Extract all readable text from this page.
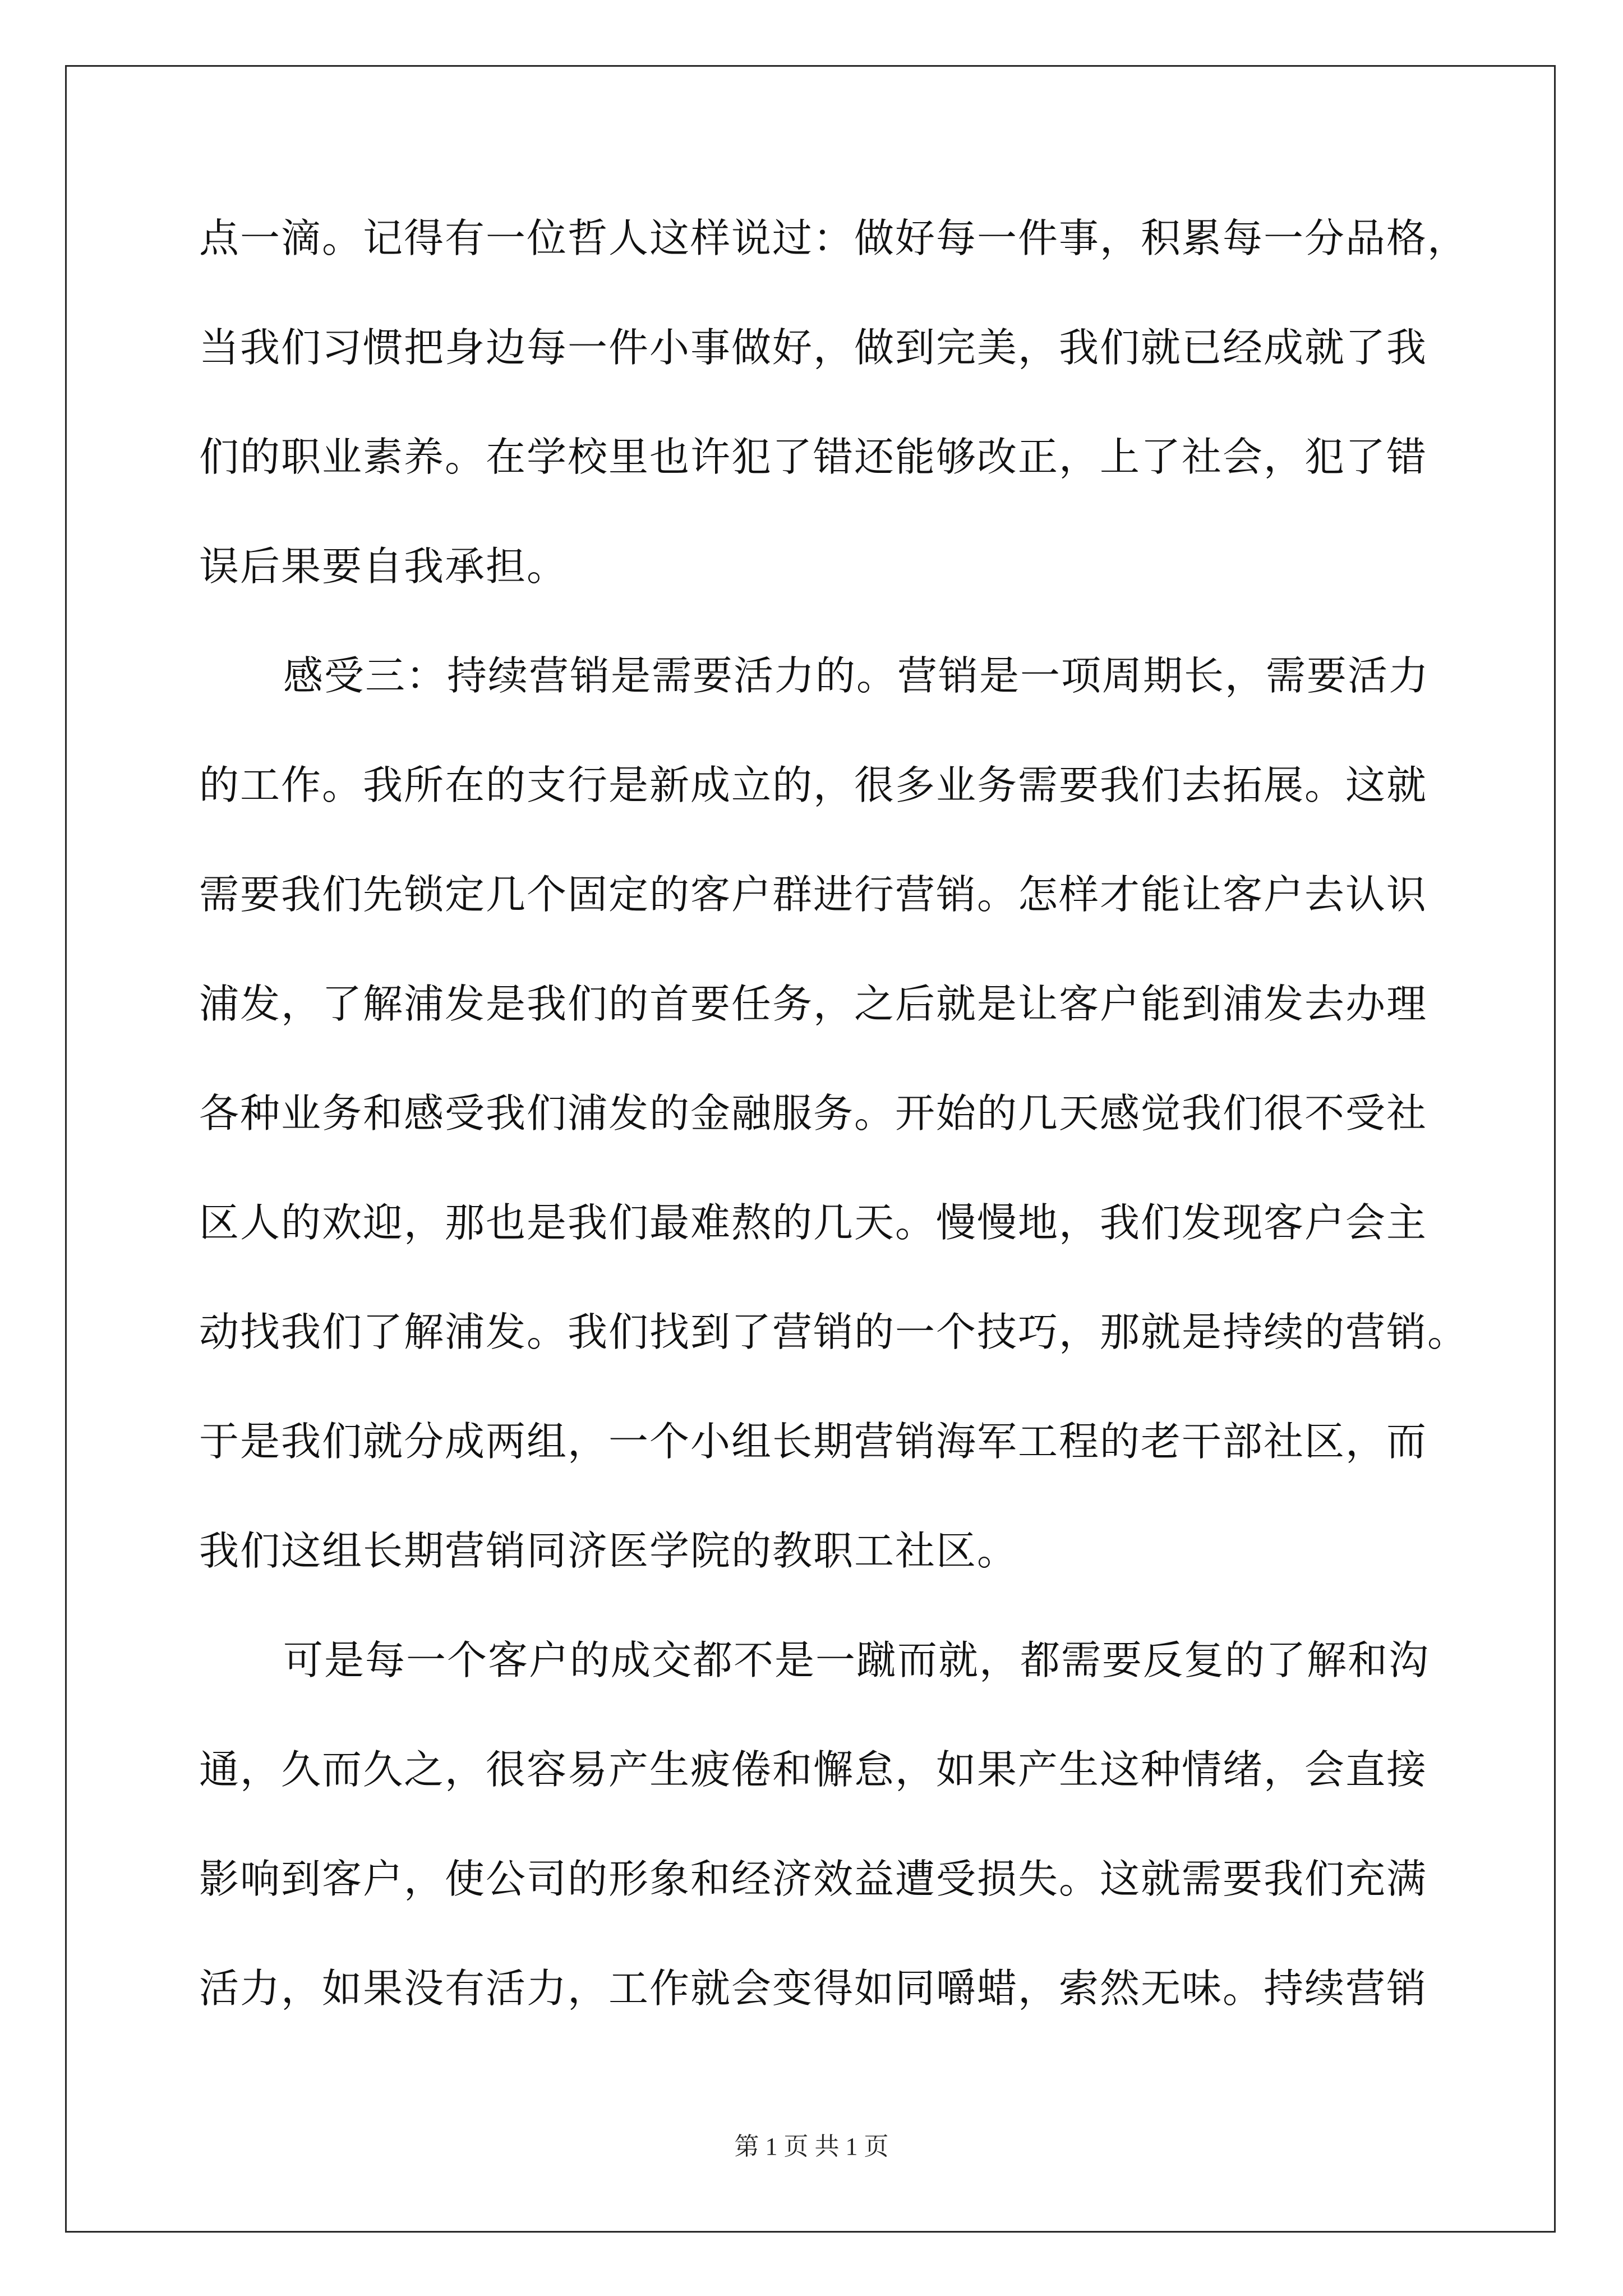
点一滴。记得有一位哲人这样说过：做好每一件事，积累每一分品格，
当我们习惯把身边每一件小事做好，做到完美，我们就已经成就了我
们的职业素养。在学校里也许犯了错还能够改正，上了社会，犯了错
误后果要自我承担。
感受三：持续营销是需要活力的。营销是一项周期长，需要活力
的工作。我所在的支行是新成立的，很多业务需要我们去拓展。这就
需要我们先锁定几个固定的客户群进行营销。怎样才能让客户去认识
浦发，了解浦发是我们的首要任务，之后就是让客户能到浦发去办理
各种业务和感受我们浦发的金融服务。开始的几天感觉我们很不受社
区人的欢迎，那也是我们最难熬的几天。慢慢地，我们发现客户会主
动找我们了解浦发。我们找到了营销的一个技巧，那就是持续的营销。
于是我们就分成两组，一个小组长期营销海军工程的老干部社区，而
我们这组长期营销同济医学院的教职工社区。
可是每一个客户的成交都不是一蹴而就，都需要反复的了解和沟
通，久而久之，很容易产生疲倦和懈怠，如果产生这种情绪，会直接
影响到客户，使公司的形象和经济效益遭受损失。这就需要我们充满
活力，如果没有活力，工作就会变得如同嚼蜡，索然无味。持续营销
第 1 页 共 1 页
